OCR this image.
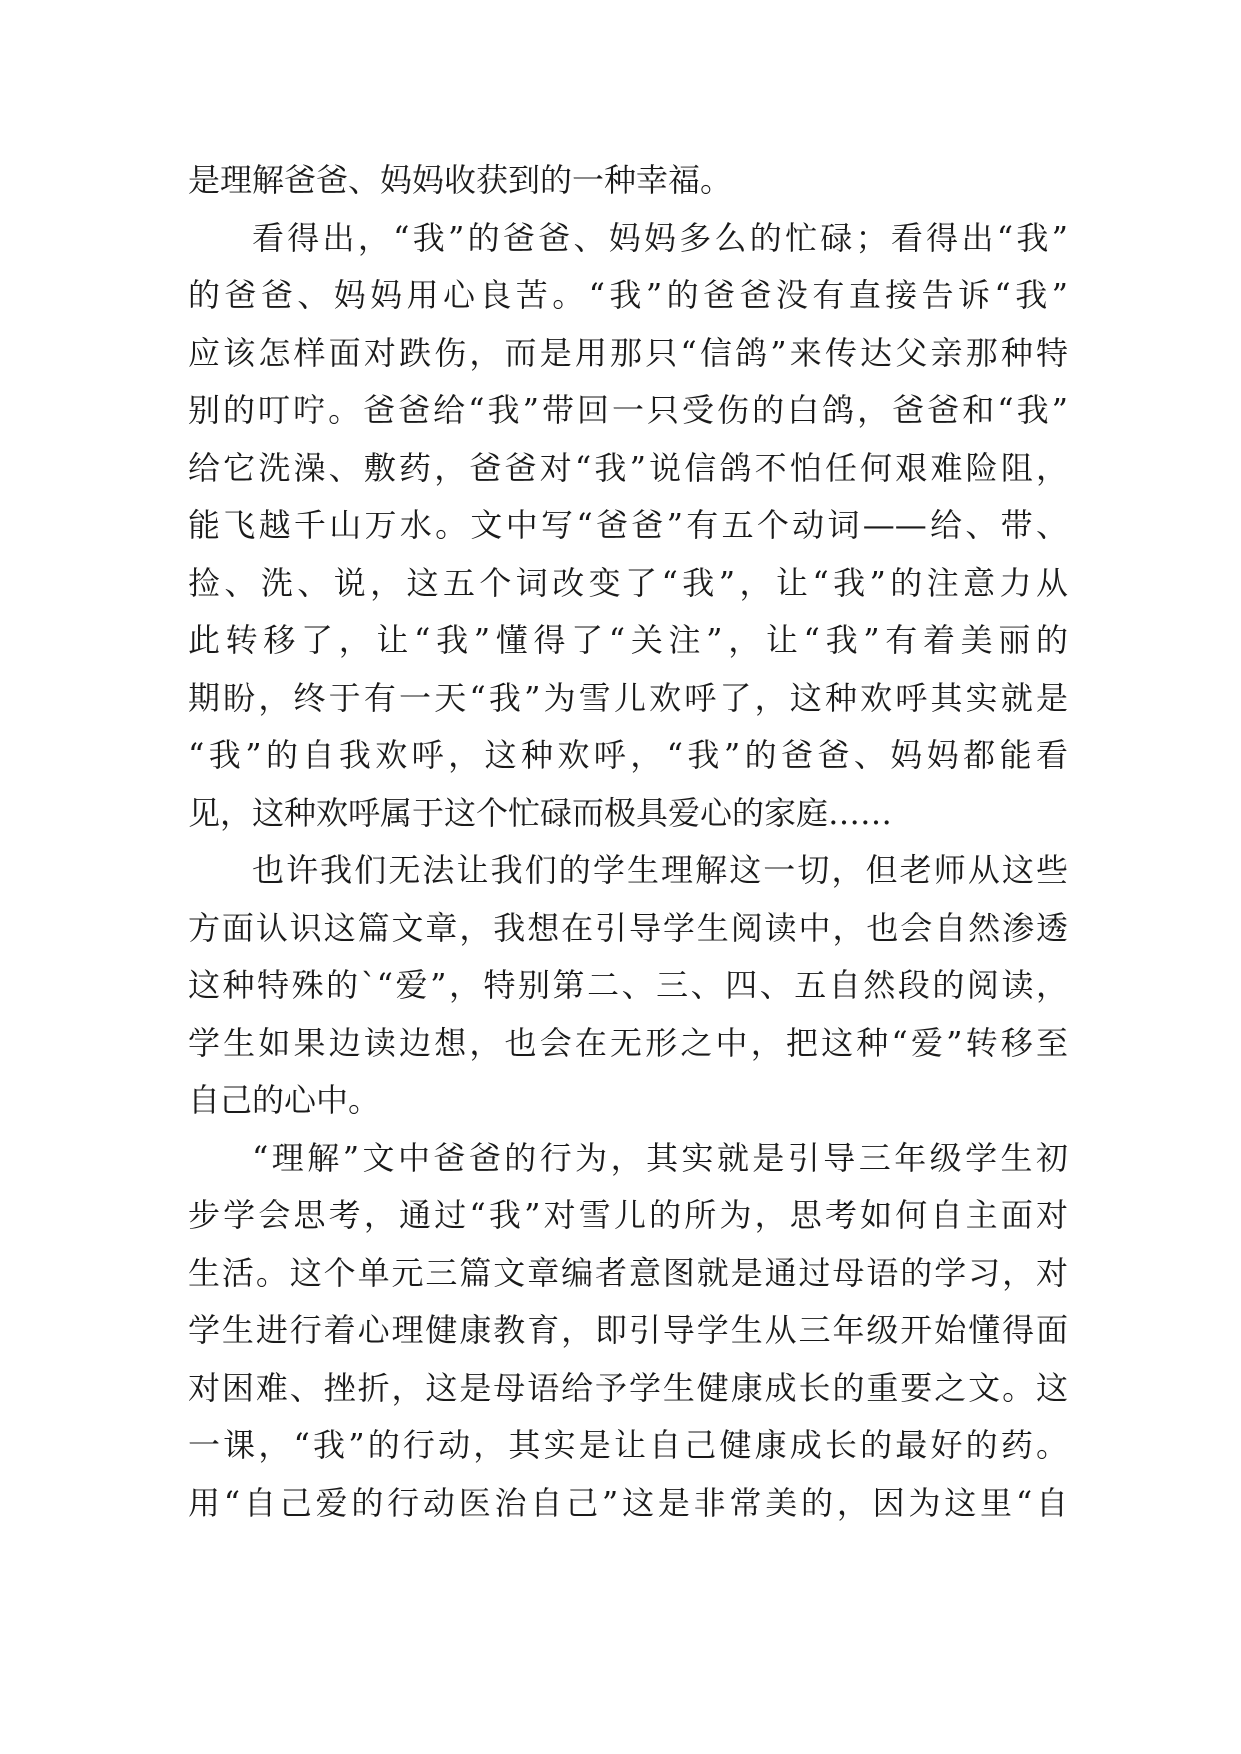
是理解爸爸、妈妈收获到的一种幸福。
看得出，“我”的爸爸、妈妈多么的忙碌；看得出“我”
的爸爸、妈妈用心良苦。“我”的爸爸没有直接告诉“我”
应该怎样面对跌伤，而是用那只“信鸽”来传达父亲那种特
别的叮咛。爸爸给“我”带回一只受伤的白鸽，爸爸和“我”
给它洗澡、敷药，爸爸对“我”说信鸽不怕任何艰难险阻，
能飞越千山万水。文中写“爸爸”有五个动词——给、带、
捡、洗、说，这五个词改变了“我”，让“我”的注意力从
此转移了，让“我”懂得了“关注”，让“我”有着美丽的
期盼，终于有一天“我”为雪儿欢呼了，这种欢呼其实就是
“我”的自我欢呼，这种欢呼，“我”的爸爸、妈妈都能看
见，这种欢呼属于这个忙碌而极具爱心的家庭……
也许我们无法让我们的学生理解这一切，但老师从这些
方面认识这篇文章，我想在引导学生阅读中，也会自然渗透
这种特殊的`“爱”，特别第二、三、四、五自然段的阅读，
学生如果边读边想，也会在无形之中，把这种“爱”转移至
自己的心中。
“理解”文中爸爸的行为，其实就是引导三年级学生初
步学会思考，通过“我”对雪儿的所为，思考如何自主面对
生活。这个单元三篇文章编者意图就是通过母语的学习，对
学生进行着心理健康教育，即引导学生从三年级开始懂得面
对困难、挫折，这是母语给予学生健康成长的重要之文。这
一课，“我”的行动，其实是让自己健康成长的最好的药。
用“自己爱的行动医治自己”这是非常美的，因为这里“自
